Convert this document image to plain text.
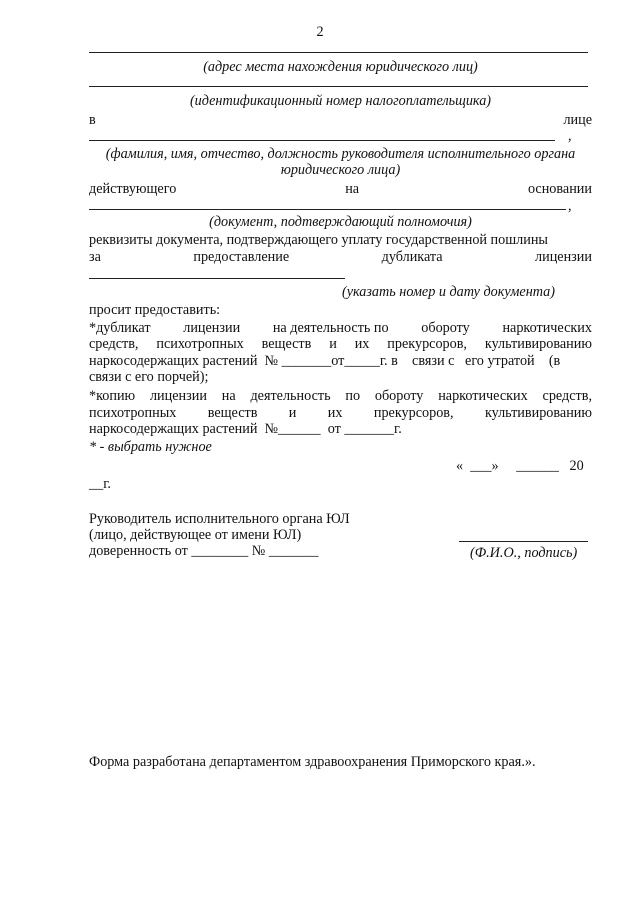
2
(адрес места нахождения юридического лиц)
(идентификационный номер налогоплательщика)
в	лице
,
(фамилия, имя, отчество, должность руководителя исполнительного органа
юридического лица)
действующего	на	основании
,
(документ, подтверждающий полномочия)
реквизиты документа, подтверждающего уплату государственной пошлины
за	предоставление	дубликата	лицензии
(указать номер и дату документа)
просит предоставить:
*дубликат лицензии на деятельность по обороту наркотических
средств, психотропных веществ и их прекурсоров, культивированию
наркосодержащих растений  № _______от_____г. в    связи с   его утратой    (в
связи с его порчей);
*копию лицензии на деятельность по обороту наркотических средств,
психотропных веществ и их прекурсоров, культивированию
наркосодержащих растений  №______  от _______г.
* - выбрать нужное
«  ___»     ______   20
__г.
Руководитель исполнительного органа ЮЛ
(лицо, действующее от имени ЮЛ)
доверенность от ________ № _______	(Ф.И.О., подпись)
Форма разработана департаментом здравоохранения Приморского края.».
